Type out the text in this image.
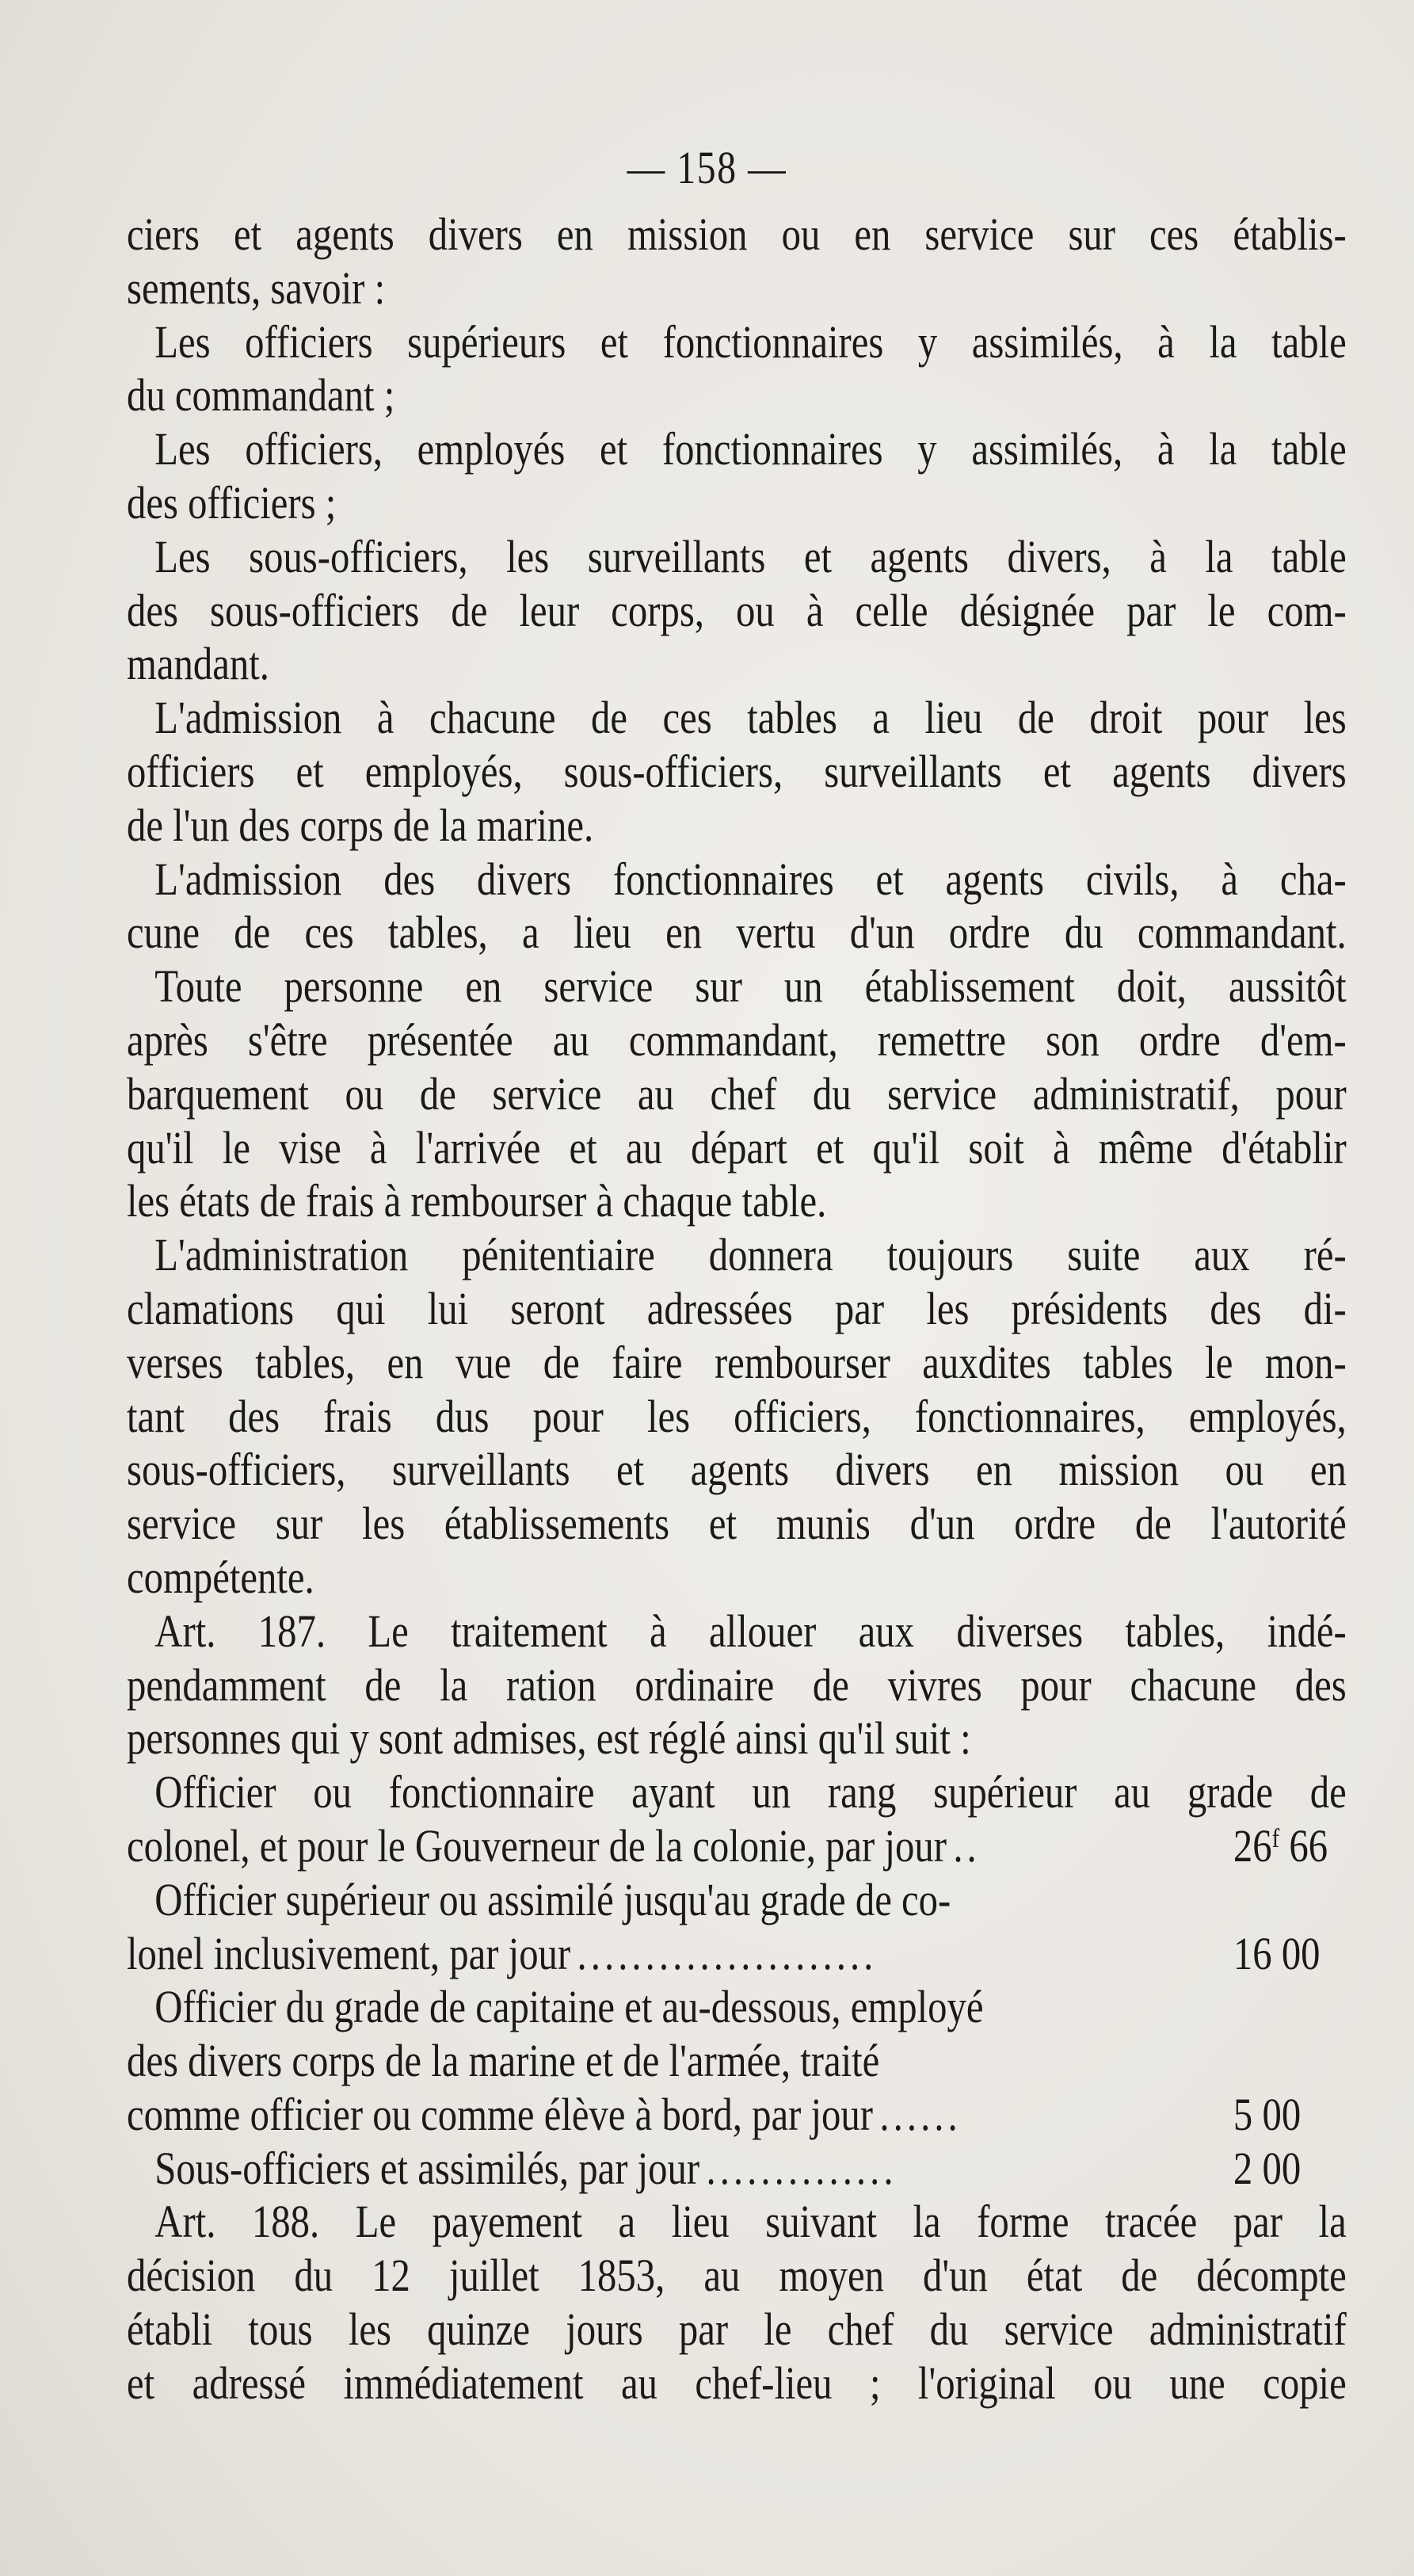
— 158 —
ciers et agents divers en mission ou en service sur ces établis-
sements, savoir :
Les officiers supérieurs et fonctionnaires y assimilés, à la table
du commandant ;
Les officiers, employés et fonctionnaires y assimilés, à la table
des officiers ;
Les sous-officiers, les surveillants et agents divers, à la table
des sous-officiers de leur corps, ou à celle désignée par le com-
mandant.
L'admission à chacune de ces tables a lieu de droit pour les
officiers et employés, sous-officiers, surveillants et agents divers
de l'un des corps de la marine.
L'admission des divers fonctionnaires et agents civils, à cha-
cune de ces tables, a lieu en vertu d'un ordre du commandant.
Toute personne en service sur un établissement doit, aussitôt
après s'être présentée au commandant, remettre son ordre d'em-
barquement ou de service au chef du service administratif, pour
qu'il le vise à l'arrivée et au départ et qu'il soit à même d'établir
les états de frais à rembourser à chaque table.
L'administration pénitentiaire donnera toujours suite aux ré-
clamations qui lui seront adressées par les présidents des di-
verses tables, en vue de faire rembourser auxdites tables le mon-
tant des frais dus pour les officiers, fonctionnaires, employés,
sous-officiers, surveillants et agents divers en mission ou en
service sur les établissements et munis d'un ordre de l'autorité
compétente.
Art. 187. Le traitement à allouer aux diverses tables, indé-
pendamment de la ration ordinaire de vivres pour chacune des
personnes qui y sont admises, est réglé ainsi qu'il suit :
Officier ou fonctionnaire ayant un rang supérieur au grade de
colonel, et pour le Gouverneur de la colonie, par jour ..	26$^f$ 66
Officier supérieur ou assimilé jusqu'au grade de co-
lonel inclusivement, par jour ......................	16 00
Officier du grade de capitaine et au-dessous, employé
des divers corps de la marine et de l'armée, traité
comme officier ou comme élève à bord, par jour ......	5 00
Sous-officiers et assimilés, par jour ..............	2 00
Art. 188. Le payement a lieu suivant la forme tracée par la
décision du 12 juillet 1853, au moyen d'un état de décompte
établi tous les quinze jours par le chef du service administratif
et adressé immédiatement au chef-lieu ; l'original ou une copie
